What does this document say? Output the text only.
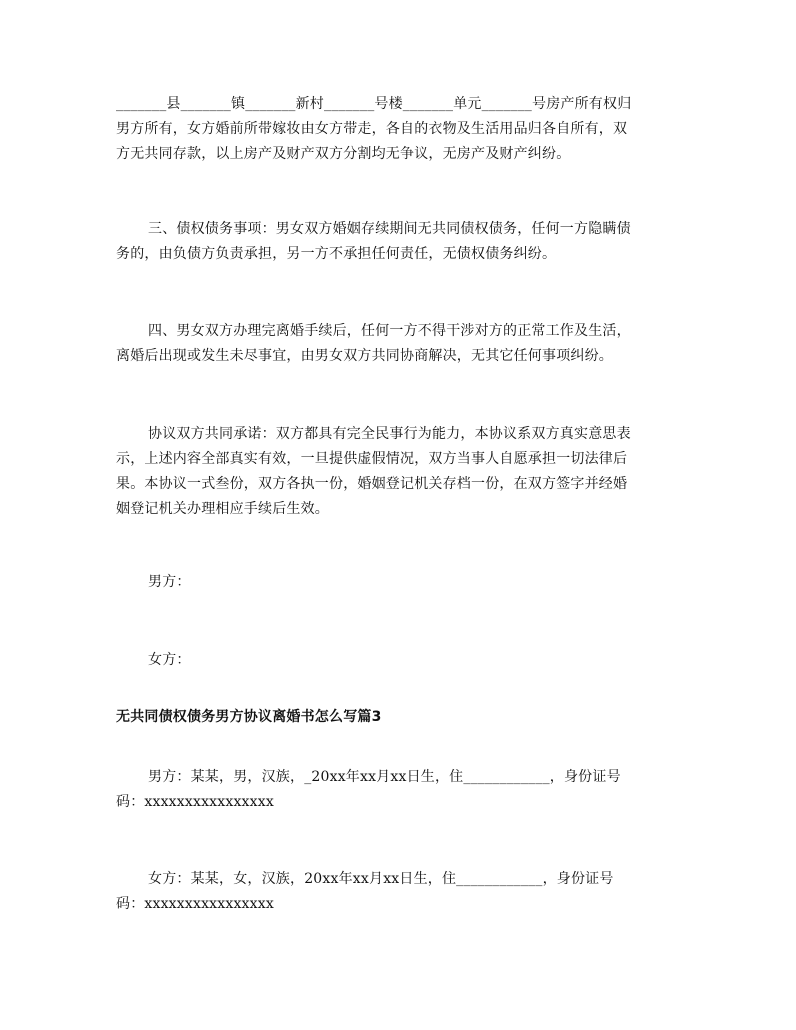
_______县_______镇_______新村_______号楼_______单元_______号房产所有权归
男方所有，女方婚前所带嫁妆由女方带走，各自的衣物及生活用品归各自所有，双
方无共同存款，以上房产及财产双方分割均无争议，无房产及财产纠纷。
三、债权债务事项：男女双方婚姻存续期间无共同债权债务，任何一方隐瞒债
务的，由负债方负责承担，另一方不承担任何责任，无债权债务纠纷。
四、男女双方办理完离婚手续后，任何一方不得干涉对方的正常工作及生活，
离婚后出现或发生未尽事宜，由男女双方共同协商解决，无其它任何事项纠纷。
协议双方共同承诺：双方都具有完全民事行为能力，本协议系双方真实意思表
示，上述内容全部真实有效，一旦提供虚假情况，双方当事人自愿承担一切法律后
果。本协议一式叁份，双方各执一份，婚姻登记机关存档一份，在双方签字并经婚
姻登记机关办理相应手续后生效。
男方：
女方：
无共同债权债务男方协议离婚书怎么写篇3
男方：某某，男，汉族，_20xx年xx月xx日生，住____________，身份证号
码：xxxxxxxxxxxxxxxx
女方：某某，女，汉族，20xx年xx月xx日生，住____________，身份证号
码：xxxxxxxxxxxxxxxx
